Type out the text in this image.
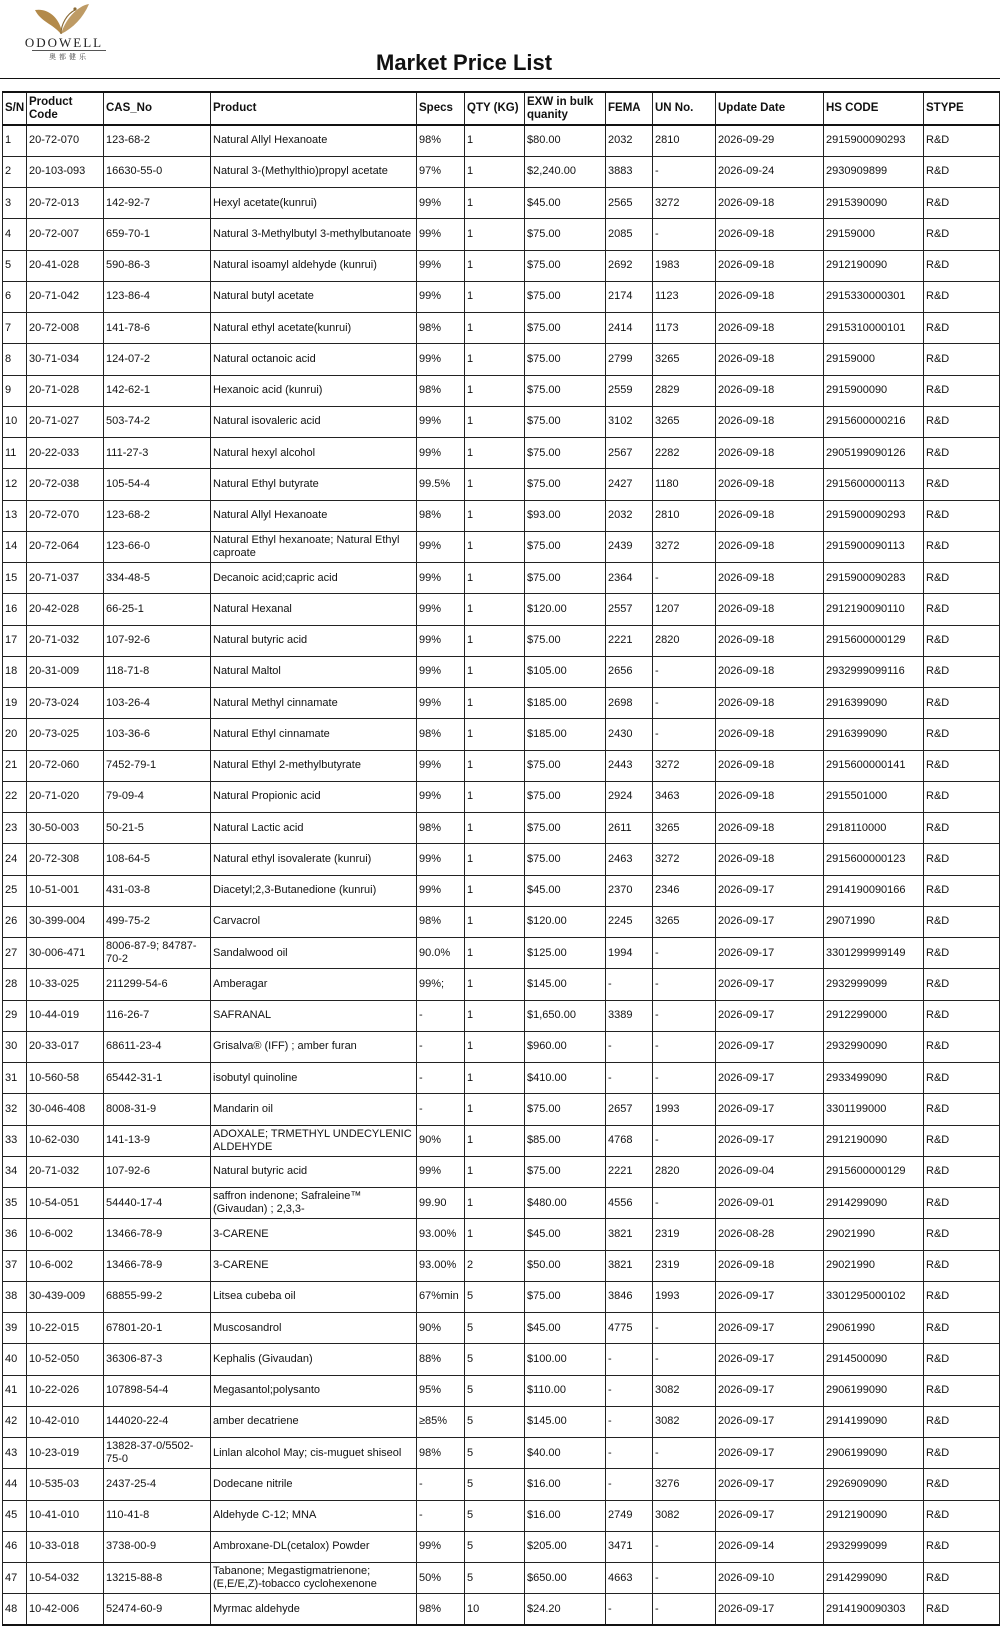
ODOWELL
奥都健乐	Market Price List
S/N	Product Code	CAS_No	Product	Specs	QTY (KG)	EXW in bulk quanity	FEMA	UN No.	Update Date	HS CODE	STYPE
1	20-72-070	123-68-2	Natural Allyl Hexanoate	98%	1	$80.00	2032	2810	2026-09-29	2915900090293	R&D
2	20-103-093	16630-55-0	Natural 3-(Methylthio)propyl acetate	97%	1	$2,240.00	3883	-	2026-09-24	2930909899	R&D
3	20-72-013	142-92-7	Hexyl acetate(kunrui)	99%	1	$45.00	2565	3272	2026-09-18	2915390090	R&D
4	20-72-007	659-70-1	Natural 3-Methylbutyl 3-methylbutanoate	99%	1	$75.00	2085	-	2026-09-18	29159000	R&D
5	20-41-028	590-86-3	Natural isoamyl aldehyde (kunrui)	99%	1	$75.00	2692	1983	2026-09-18	2912190090	R&D
6	20-71-042	123-86-4	Natural butyl acetate	99%	1	$75.00	2174	1123	2026-09-18	2915330000301	R&D
7	20-72-008	141-78-6	Natural ethyl acetate(kunrui)	98%	1	$75.00	2414	1173	2026-09-18	2915310000101	R&D
8	30-71-034	124-07-2	Natural octanoic acid	99%	1	$75.00	2799	3265	2026-09-18	29159000	R&D
9	20-71-028	142-62-1	Hexanoic acid (kunrui)	98%	1	$75.00	2559	2829	2026-09-18	2915900090	R&D
10	20-71-027	503-74-2	Natural isovaleric acid	99%	1	$75.00	3102	3265	2026-09-18	2915600000216	R&D
11	20-22-033	111-27-3	Natural hexyl alcohol	99%	1	$75.00	2567	2282	2026-09-18	2905199090126	R&D
12	20-72-038	105-54-4	Natural Ethyl butyrate	99.5%	1	$75.00	2427	1180	2026-09-18	2915600000113	R&D
13	20-72-070	123-68-2	Natural Allyl Hexanoate	98%	1	$93.00	2032	2810	2026-09-18	2915900090293	R&D
14	20-72-064	123-66-0	Natural Ethyl hexanoate; Natural Ethyl caproate	99%	1	$75.00	2439	3272	2026-09-18	2915900090113	R&D
15	20-71-037	334-48-5	Decanoic acid;capric acid	99%	1	$75.00	2364	-	2026-09-18	2915900090283	R&D
16	20-42-028	66-25-1	Natural Hexanal	99%	1	$120.00	2557	1207	2026-09-18	2912190090110	R&D
17	20-71-032	107-92-6	Natural butyric acid	99%	1	$75.00	2221	2820	2026-09-18	2915600000129	R&D
18	20-31-009	118-71-8	Natural Maltol	99%	1	$105.00	2656	-	2026-09-18	2932999099116	R&D
19	20-73-024	103-26-4	Natural Methyl cinnamate	99%	1	$185.00	2698	-	2026-09-18	2916399090	R&D
20	20-73-025	103-36-6	Natural Ethyl cinnamate	98%	1	$185.00	2430	-	2026-09-18	2916399090	R&D
21	20-72-060	7452-79-1	Natural Ethyl 2-methylbutyrate	99%	1	$75.00	2443	3272	2026-09-18	2915600000141	R&D
22	20-71-020	79-09-4	Natural Propionic acid	99%	1	$75.00	2924	3463	2026-09-18	2915501000	R&D
23	30-50-003	50-21-5	Natural Lactic acid	98%	1	$75.00	2611	3265	2026-09-18	2918110000	R&D
24	20-72-308	108-64-5	Natural ethyl isovalerate (kunrui)	99%	1	$75.00	2463	3272	2026-09-18	2915600000123	R&D
25	10-51-001	431-03-8	Diacetyl;2,3-Butanedione (kunrui)	99%	1	$45.00	2370	2346	2026-09-17	2914190090166	R&D
26	30-399-004	499-75-2	Carvacrol	98%	1	$120.00	2245	3265	2026-09-17	29071990	R&D
27	30-006-471	8006-87-9; 84787-70-2	Sandalwood oil	90.0%	1	$125.00	1994	-	2026-09-17	3301299999149	R&D
28	10-33-025	211299-54-6	Amberagar	99%;	1	$145.00	-	-	2026-09-17	2932999099	R&D
29	10-44-019	116-26-7	SAFRANAL	-	1	$1,650.00	3389	-	2026-09-17	2912299000	R&D
30	20-33-017	68611-23-4	Grisalva® (IFF) ; amber furan	-	1	$960.00	-	-	2026-09-17	2932990090	R&D
31	10-560-58	65442-31-1	isobutyl quinoline	-	1	$410.00	-	-	2026-09-17	2933499090	R&D
32	30-046-408	8008-31-9	Mandarin oil	-	1	$75.00	2657	1993	2026-09-17	3301199000	R&D
33	10-62-030	141-13-9	ADOXALE; TRMETHYL UNDECYLENIC ALDEHYDE	90%	1	$85.00	4768	-	2026-09-17	2912190090	R&D
34	20-71-032	107-92-6	Natural butyric acid	99%	1	$75.00	2221	2820	2026-09-04	2915600000129	R&D
35	10-54-051	54440-17-4	saffron indenone; Safraleine™ (Givaudan) ; 2,3,3-	99.90	1	$480.00	4556	-	2026-09-01	2914299090	R&D
36	10-6-002	13466-78-9	3-CARENE	93.00%	1	$45.00	3821	2319	2026-08-28	29021990	R&D
37	10-6-002	13466-78-9	3-CARENE	93.00%	2	$50.00	3821	2319	2026-09-18	29021990	R&D
38	30-439-009	68855-99-2	Litsea cubeba oil	67%min	5	$75.00	3846	1993	2026-09-17	3301295000102	R&D
39	10-22-015	67801-20-1	Muscosandrol	90%	5	$45.00	4775	-	2026-09-17	29061990	R&D
40	10-52-050	36306-87-3	Kephalis (Givaudan)	88%	5	$100.00	-	-	2026-09-17	2914500090	R&D
41	10-22-026	107898-54-4	Megasantol;polysanto	95%	5	$110.00	-	3082	2026-09-17	2906199090	R&D
42	10-42-010	144020-22-4	amber decatriene	≥85%	5	$145.00	-	3082	2026-09-17	2914199090	R&D
43	10-23-019	13828-37-0/5502-75-0	Linlan alcohol May; cis-muguet shiseol	98%	5	$40.00	-	-	2026-09-17	2906199090	R&D
44	10-535-03	2437-25-4	Dodecane nitrile	-	5	$16.00	-	3276	2026-09-17	2926909090	R&D
45	10-41-010	110-41-8	Aldehyde C-12; MNA	-	5	$16.00	2749	3082	2026-09-17	2912190090	R&D
46	10-33-018	3738-00-9	Ambroxane-DL(cetalox) Powder	99%	5	$205.00	3471	-	2026-09-14	2932999099	R&D
47	10-54-032	13215-88-8	Tabanone; Megastigmatrienone; (E,E/E,Z)-tobacco cyclohexenone	50%	5	$650.00	4663	-	2026-09-10	2914299090	R&D
48	10-42-006	52474-60-9	Myrmac aldehyde	98%	10	$24.20	-	-	2026-09-17	2914190090303	R&D
